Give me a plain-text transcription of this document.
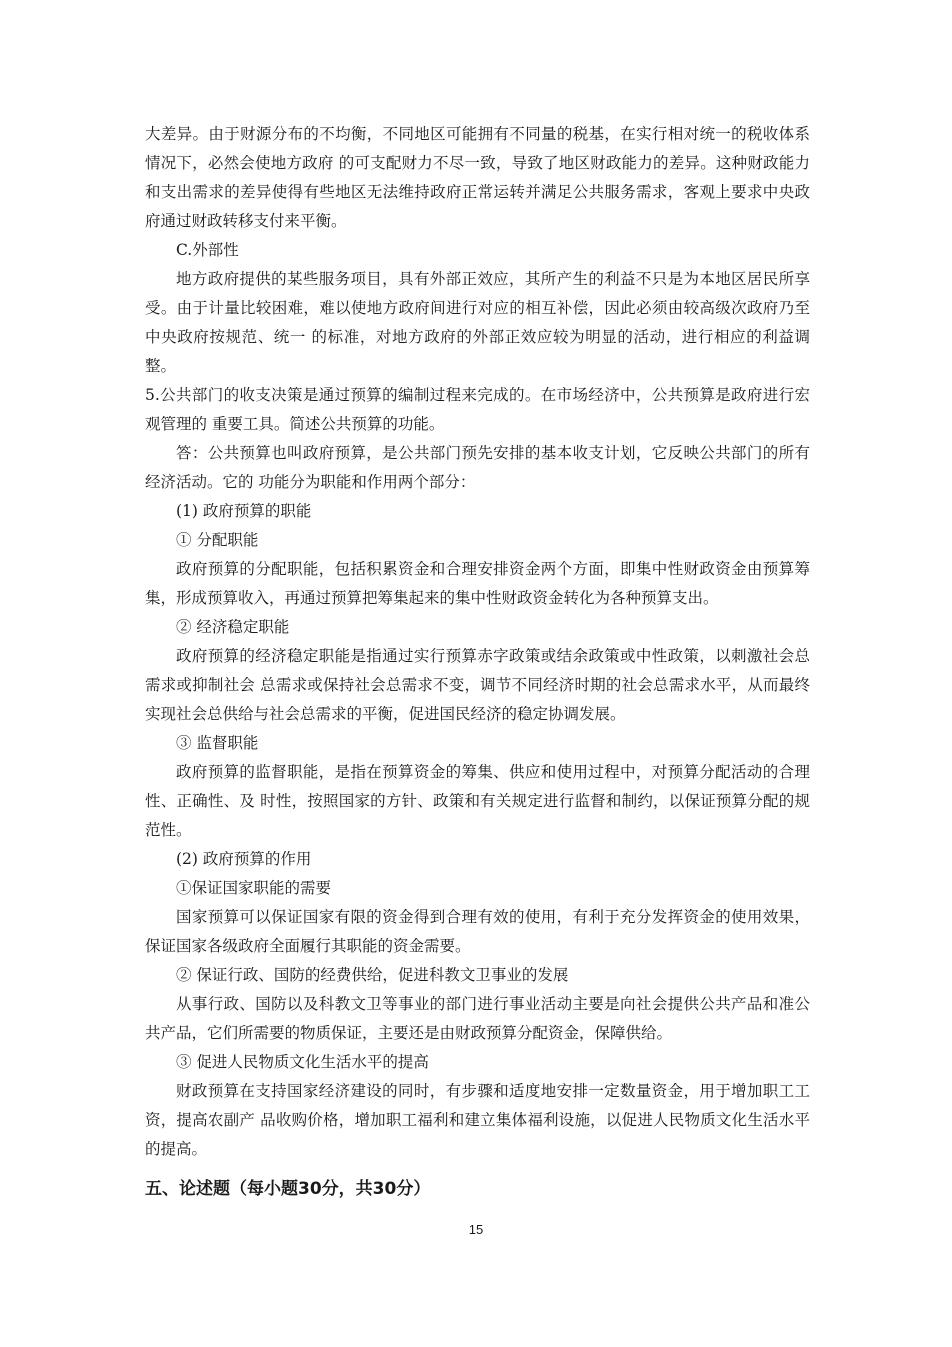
大差异。由于财源分布的不均衡，不同地区可能拥有不同量的税基，在实行相对统一的税收体系情况下，必然会使地方政府 的可支配财力不尽一致，导致了地区财政能力的差异。这种财政能力和支出需求的差异使得有些地区无法维持政府正常运转并满足公共服务需求，客观上要求中央政府通过财政转移支付来平衡。

C.外部性

地方政府提供的某些服务项目，具有外部正效应，其所产生的利益不只是为本地区居民所享受。由于计量比较困难，难以使地方政府间进行对应的相互补偿，因此必须由较高级次政府乃至中央政府按规范、统一 的标准，对地方政府的外部正效应较为明显的活动，进行相应的利益调整。

5.公共部门的收支决策是通过预算的编制过程来完成的。在市场经济中，公共预算是政府进行宏观管理的 重要工具。简述公共预算的功能。

答：公共预算也叫政府预算，是公共部门预先安排的基本收支计划，它反映公共部门的所有经济活动。它的 功能分为职能和作用两个部分：

(1) 政府预算的职能

① 分配职能

政府预算的分配职能，包括积累资金和合理安排资金两个方面，即集中性财政资金由预算筹集，形成预算收入，再通过预算把筹集起来的集中性财政资金转化为各种预算支出。

② 经济稳定职能

政府预算的经济稳定职能是指通过实行预算赤字政策或结余政策或中性政策，以刺激社会总需求或抑制社会 总需求或保持社会总需求不变，调节不同经济时期的社会总需求水平，从而最终实现社会总供给与社会总需求的平衡，促进国民经济的稳定协调发展。

③ 监督职能

政府预算的监督职能，是指在预算资金的筹集、供应和使用过程中，对预算分配活动的合理性、正确性、及 时性，按照国家的方针、政策和有关规定进行监督和制约，以保证预算分配的规范性。

(2) 政府预算的作用

①保证国家职能的需要

国家预算可以保证国家有限的资金得到合理有效的使用，有利于充分发挥资金的使用效果，保证国家各级政府全面履行其职能的资金需要。

② 保证行政、国防的经费供给，促进科教文卫事业的发展

从事行政、国防以及科教文卫等事业的部门进行事业活动主要是向社会提供公共产品和准公共产品，它们所需要的物质保证，主要还是由财政预算分配资金，保障供给。

③ 促进人民物质文化生活水平的提高

财政预算在支持国家经济建设的同时，有步骤和适度地安排一定数量资金，用于增加职工工资，提高农副产 品收购价格，增加职工福利和建立集体福利设施，以促进人民物质文化生活水平的提高。

五、论述题（每小题30分，共30分）

15
